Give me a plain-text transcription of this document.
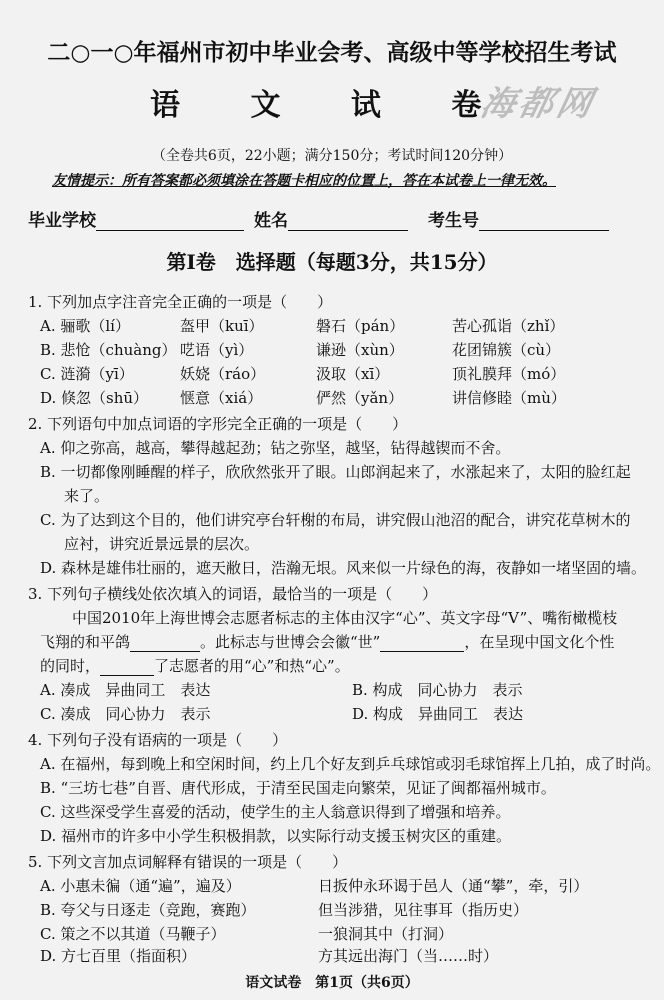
二○一○年福州市初中毕业会考、高级中等学校招生考试
语 文 试 卷
海都网
（全卷共6页，22小题；满分150分；考试时间120分钟）
友情提示：所有答案都必须填涂在答题卡相应的位置上，答在本试卷上一律无效。
毕业学校	姓名	考生号
第Ⅰ卷　选择题（每题3分，共15分）
1. 下列加点字注音完全正确的一项是（　　）
A. 骊歌（lí）	盔甲（kuī）	磐石（pán）	苦心孤诣（zhǐ）
B. 悲怆（chuàng） 呓语（yì）	谦逊（xùn）	花团锦簇（cù）
C. 涟漪（yī）	妖娆（ráo）	汲取（xī）	顶礼膜拜（mó）
D. 倏忽（shū） 惬意（xiá）	俨然（yǎn）	讲信修睦（mù）
2. 下列语句中加点词语的字形完全正确的一项是（　　）
A. 仰之弥高，越高，攀得越起劲；钻之弥坚，越坚，钻得越锲而不舍。
B. 一切都像刚睡醒的样子，欣欣然张开了眼。山郎润起来了，水涨起来了，太阳的脸红起
来了。
C. 为了达到这个目的，他们讲究亭台轩榭的布局，讲究假山池沼的配合，讲究花草树木的
应衬，讲究近景远景的层次。
D. 森林是雄伟壮丽的，遮天敝日，浩瀚无垠。风来似一片绿色的海，夜静如一堵坚固的墙。
3. 下列句子横线处依次填入的词语，最恰当的一项是（　　）
中国2010年上海世博会志愿者标志的主体由汉字“心”、英文字母“V”、嘴衔橄榄枝
飞翔的和平鸽	。此标志与世博会会徽“世”	，在呈现中国文化个性
的同时，	了志愿者的用“心”和热“心”。
A. 凑成　异曲同工　表达	B. 构成　同心协力　表示
C. 凑成　同心协力　表示	D. 构成　异曲同工　表达
4. 下列句子没有语病的一项是（　　）
A. 在福州，每到晚上和空闲时间，约上几个好友到乒乓球馆或羽毛球馆挥上几拍，成了时尚。
B. “三坊七巷”自晋、唐代形成，于清至民国走向繁荣，见证了闽都福州城市。
C. 这些深受学生喜爱的活动，使学生的主人翁意识得到了增强和培养。
D. 福州市的许多中小学生积极捐款，以实际行动支援玉树灾区的重建。
5. 下列文言加点词解释有错误的一项是（　　）
A. 小惠未徧（通“遍”，遍及）	日扳仲永环谒于邑人（通“攀”，牵，引）
B. 夸父与日逐走（竞跑，赛跑）	但当涉猎，见往事耳（指历史）
C. 策之不以其道（马鞭子）	一狼洞其中（打洞）
D. 方七百里（指面积）	方其远出海门（当……时）
语文试卷　第1页（共6页）
